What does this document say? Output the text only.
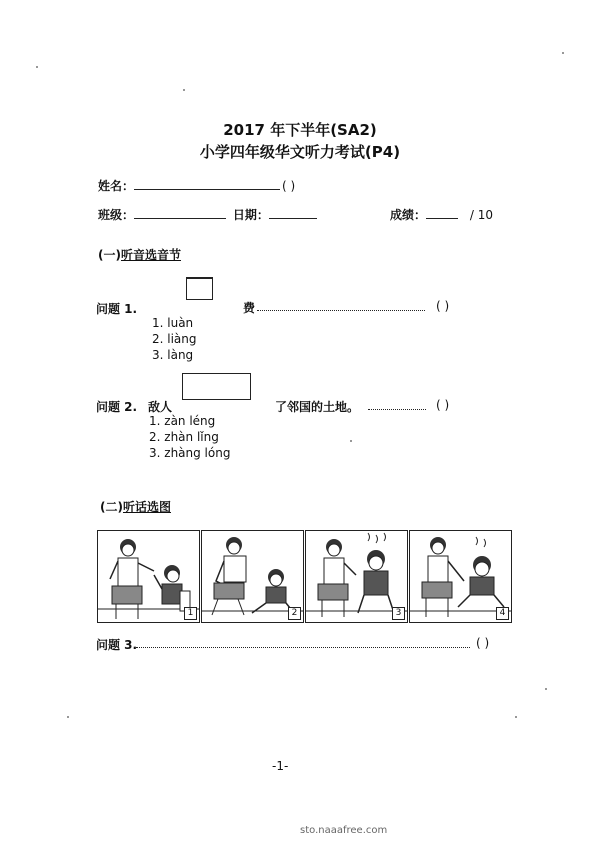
2017 年下半年(SA2)
小学四年级华文听力考试(P4)
姓名：	( )
班级：	日期：	成绩：	/ 10
(一)听音选音节
问题 1.	费	( )
1. luàn
2. liàng
3. làng
问题 2. 敌人	了邻国的土地。	( )
1. zàn léng
2. zhàn lǐng
3. zhàng lóng
(二)听话选图
1	2	3	4
问题 3.	( )
-1-
sto.naaafree.com
